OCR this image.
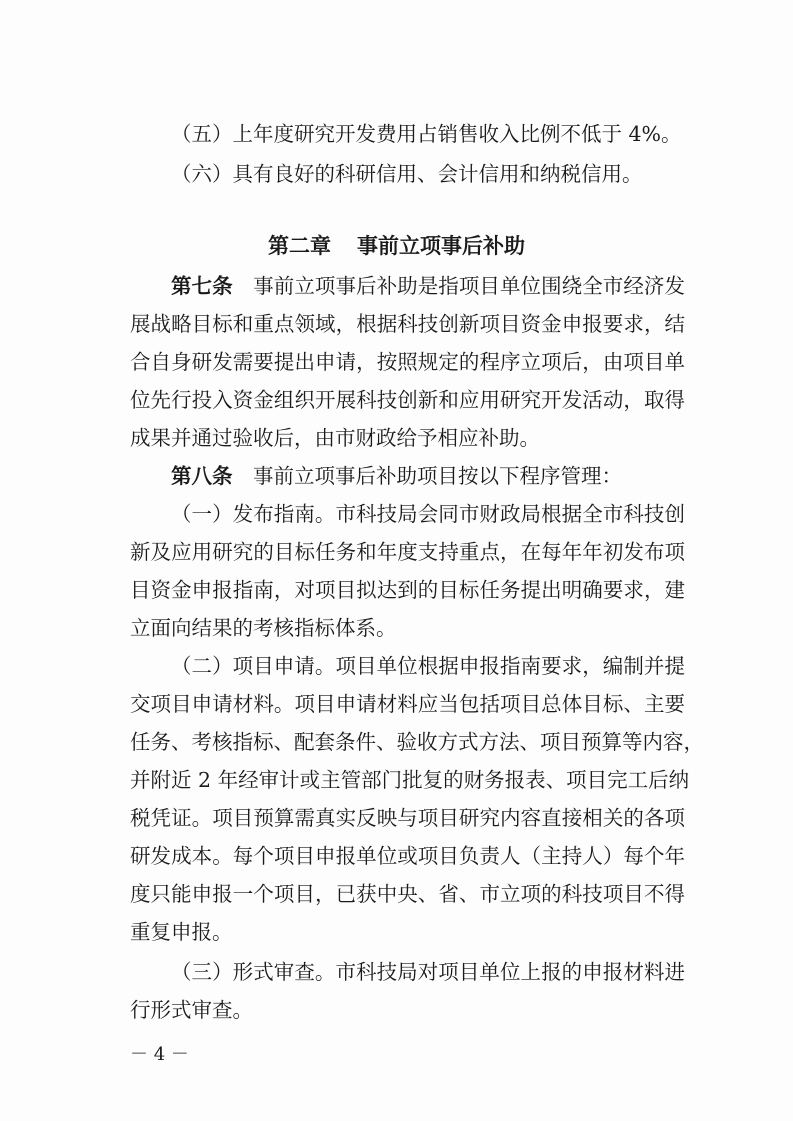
（五）上年度研究开发费用占销售收入比例不低于 4%。

（六）具有良好的科研信用、会计信用和纳税信用。

第二章 事前立项事后补助

第七条　 事前立项事后补助是指项目单位围绕全市经济发

展战略目标和重点领域，根据科技创新项目资金申报要求，结

合自身研发需要提出申请，按照规定的程序立项后，由项目单

位先行投入资金组织开展科技创新和应用研究开发活动，取得

成果并通过验收后，由市财政给予相应补助。

第八条　 事前立项事后补助项目按以下程序管理：

（一）发布指南。市科技局会同市财政局根据全市科技创

新及应用研究的目标任务和年度支持重点，在每年年初发布项

目资金申报指南，对项目拟达到的目标任务提出明确要求，建

立面向结果的考核指标体系。

（二）项目申请。项目单位根据申报指南要求，编制并提

交项目申请材料。项目申请材料应当包括项目总体目标、主要

任务、考核指标、配套条件、验收方式方法、项目预算等内容，

并附近 2 年经审计或主管部门批复的财务报表、项目完工后纳

税凭证。项目预算需真实反映与项目研究内容直接相关的各项

研发成本。每个项目申报单位或项目负责人（主持人）每个年

度只能申报一个项目，已获中央、省、市立项的科技项目不得

重复申报。

（三）形式审查。市科技局对项目单位上报的申报材料进

行形式审查。

－ 4 －
